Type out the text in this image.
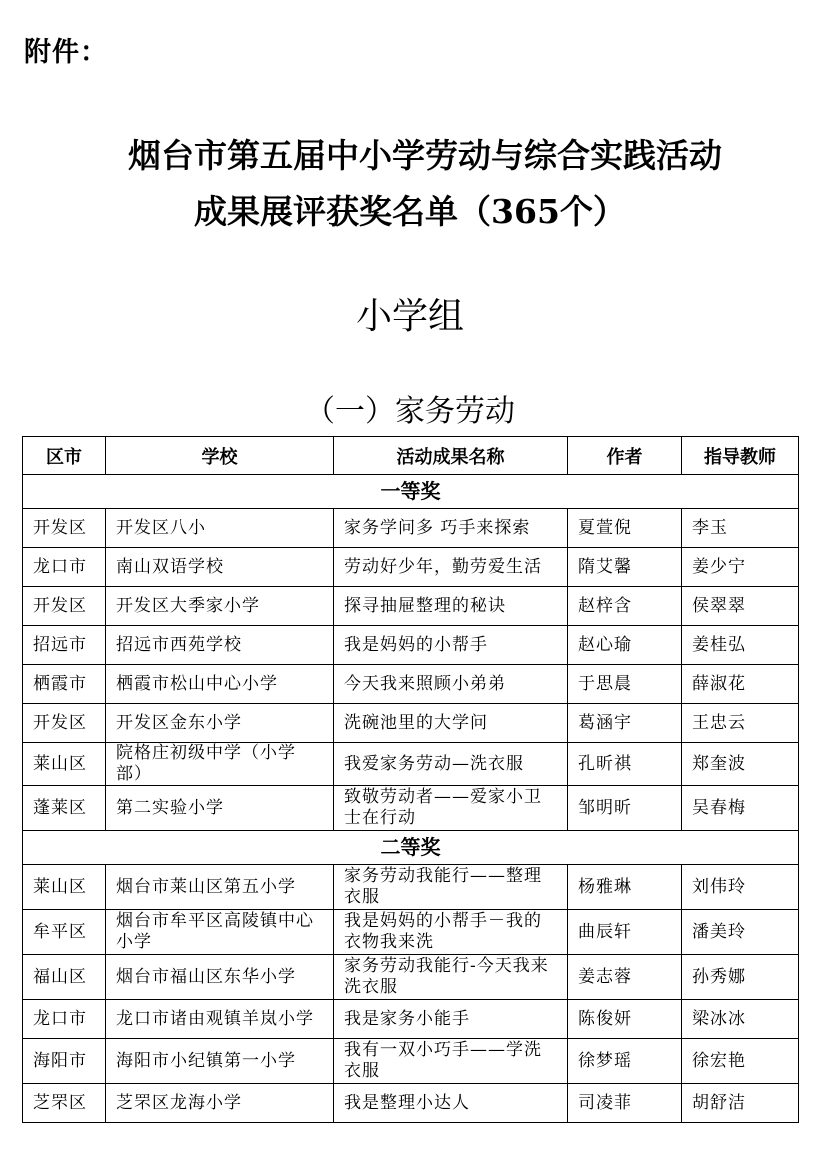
附件：
烟台市第五届中小学劳动与综合实践活动
成果展评获奖名单（365个）
小学组
（一）家务劳动
区市	学校	活动成果名称	作者	指导教师
一等奖				
开发区	开发区八小	家务学问多 巧手来探索	夏萱倪	李玉
龙口市	南山双语学校	劳动好少年，勤劳爱生活	隋艾馨	姜少宁
开发区	开发区大季家小学	探寻抽屉整理的秘诀	赵梓含	侯翠翠
招远市	招远市西苑学校	我是妈妈的小帮手	赵心瑜	姜桂弘
栖霞市	栖霞市松山中心小学	今天我来照顾小弟弟	于思晨	薛淑花
开发区	开发区金东小学	洗碗池里的大学问	葛涵宇	王忠云
莱山区	院格庄初级中学（小学部）	我爱家务劳动—洗衣服	孔昕祺	郑奎波
蓬莱区	第二实验小学	致敬劳动者——爱家小卫士在行动	邹明昕	吴春梅
二等奖				
莱山区	烟台市莱山区第五小学	家务劳动我能行——整理衣服	杨雅琳	刘伟玲
牟平区	烟台市牟平区高陵镇中心小学	我是妈妈的小帮手－我的衣物我来洗	曲辰轩	潘美玲
福山区	烟台市福山区东华小学	家务劳动我能行-今天我来洗衣服	姜志蓉	孙秀娜
龙口市	龙口市诸由观镇羊岚小学	我是家务小能手	陈俊妍	梁冰冰
海阳市	海阳市小纪镇第一小学	我有一双小巧手——学洗衣服	徐梦瑶	徐宏艳
芝罘区	芝罘区龙海小学	我是整理小达人	司凌菲	胡舒洁
